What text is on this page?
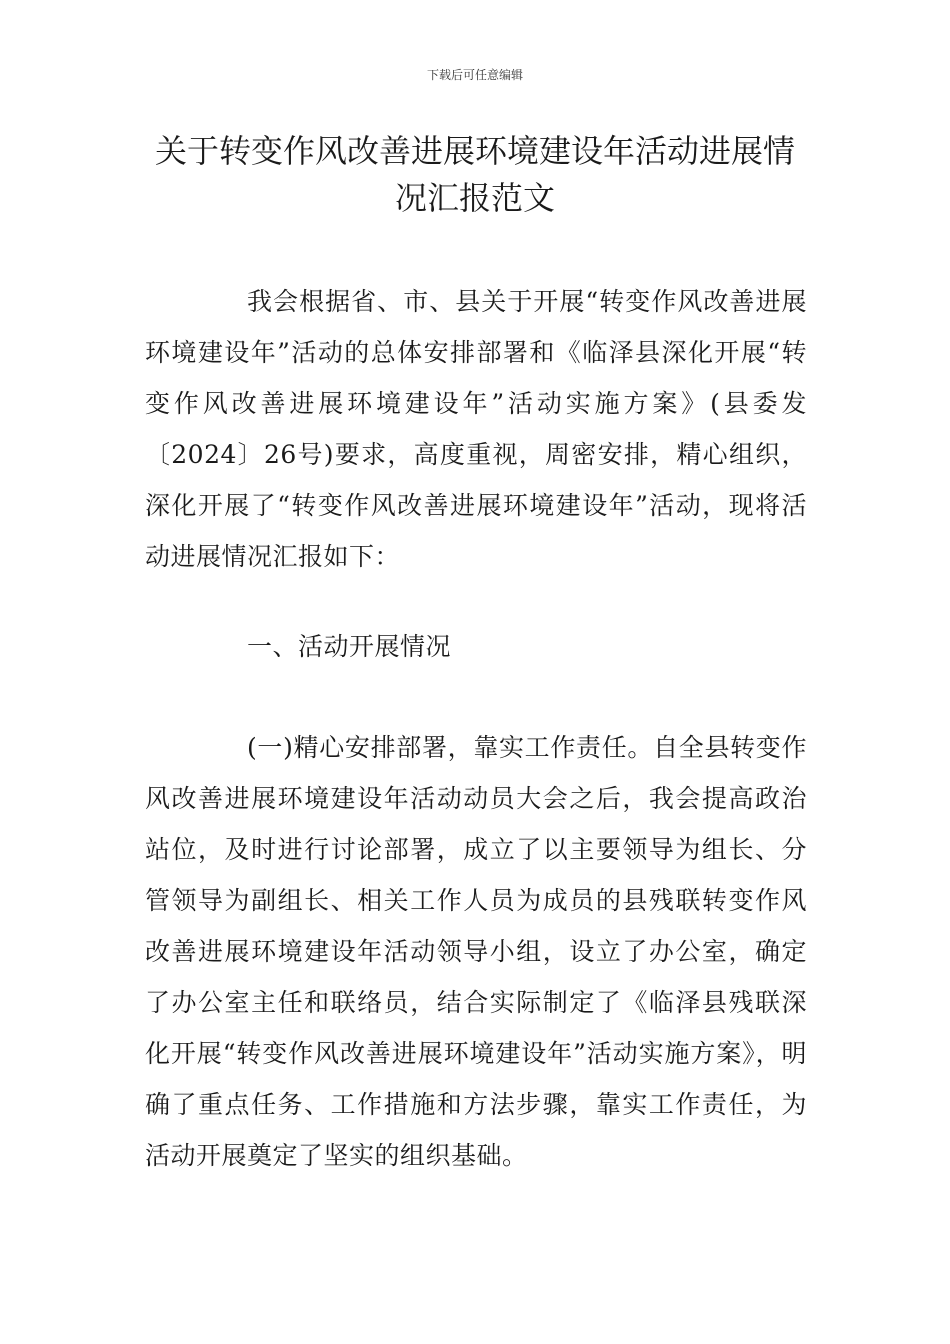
下载后可任意编辑
关于转变作风改善进展环境建设年活动进展情况汇报范文

我会根据省、市、县关于开展“转变作风改善进展环境建设年”活动的总体安排部署和《临泽县深化开展“转变作风改善进展环境建设年”活动实施方案》(县委发〔2024〕26号)要求，高度重视，周密安排，精心组织，深化开展了“转变作风改善进展环境建设年”活动，现将活动进展情况汇报如下：

一、活动开展情况

(一)精心安排部署，靠实工作责任。自全县转变作风改善进展环境建设年活动动员大会之后，我会提高政治站位，及时进行讨论部署，成立了以主要领导为组长、分管领导为副组长、相关工作人员为成员的县残联转变作风改善进展环境建设年活动领导小组，设立了办公室，确定了办公室主任和联络员，结合实际制定了《临泽县残联深化开展“转变作风改善进展环境建设年”活动实施方案》，明确了重点任务、工作措施和方法步骤，靠实工作责任，为活动开展奠定了坚实的组织基础。
